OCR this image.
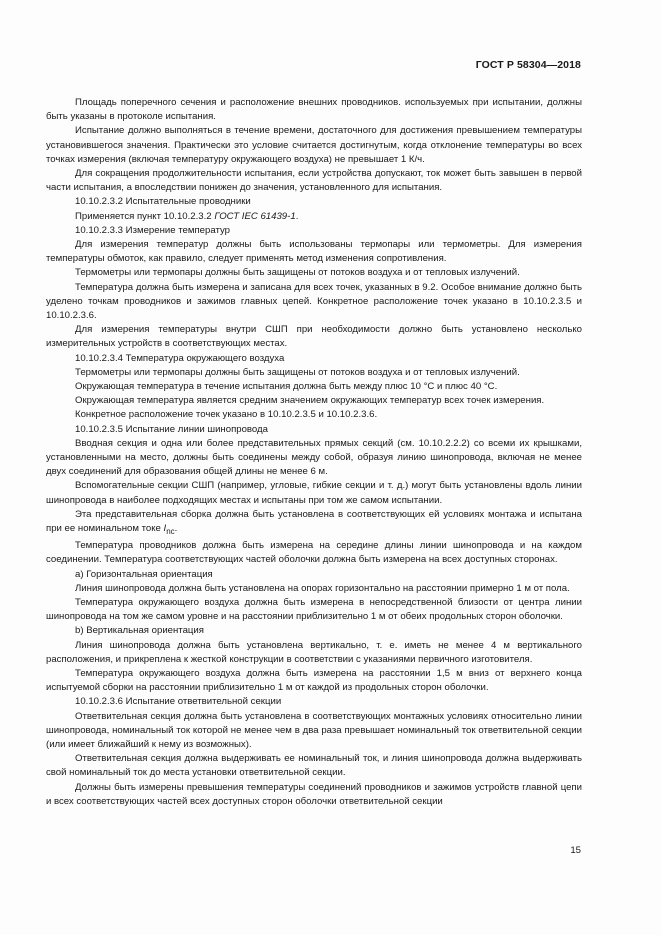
ГОСТ Р 58304—2018

Площадь поперечного сечения и расположение внешних проводников. используемых при испытании, должны быть указаны в протоколе испытания.

Испытание должно выполняться в течение времени, достаточного для достижения превышением температуры установившегося значения. Практически это условие считается достигнутым, когда отклонение температуры во всех точках измерения (включая температуру окружающего воздуха) не превышает 1 К/ч.

Для сокращения продолжительности испытания, если устройства допускают, ток может быть завышен в первой части испытания, а впоследствии понижен до значения, установленного для испытания.

10.10.2.3.2 Испытательные проводники

Применяется пункт 10.10.2.3.2 ГОСТ IEC 61439-1.

10.10.2.3.3 Измерение температур

Для измерения температур должны быть использованы термопары или термометры. Для измерения температуры обмоток, как правило, следует применять метод изменения сопротивления.

Термометры или термопары должны быть защищены от потоков воздуха и от тепловых излучений.

Температура должна быть измерена и записана для всех точек, указанных в 9.2. Особое внимание должно быть уделено точкам проводников и зажимов главных цепей. Конкретное расположение точек указано в 10.10.2.3.5 и 10.10.2.3.6.

Для измерения температуры внутри СШП при необходимости должно быть установлено несколько измерительных устройств в соответствующих местах.

10.10.2.3.4 Температура окружающего воздуха

Термометры или термопары должны быть защищены от потоков воздуха и от тепловых излучений.

Окружающая температура в течение испытания должна быть между плюс 10 °С и плюс 40 °С.

Окружающая температура является средним значением окружающих температур всех точек измерения.

Конкретное расположение точек указано в 10.10.2.3.5 и 10.10.2.3.6.

10.10.2.3.5 Испытание линии шинопровода

Вводная секция и одна или более представительных прямых секций (см. 10.10.2.2.2) со всеми их крышками, установленными на место, должны быть соединены между собой, образуя линию шинопровода, включая не менее двух соединений для образования общей длины не менее 6 м.

Вспомогательные секции СШП (например, угловые, гибкие секции и т. д.) могут быть установлены вдоль линии шинопровода в наиболее подходящих местах и испытаны при том же самом испытании.

Эта представительная сборка должна быть установлена в соответствующих ей условиях монтажа и испытана при ее номинальном токе $I_{nc}$.

Температура проводников должна быть измерена на середине длины линии шинопровода и на каждом соединении. Температура соответствующих частей оболочки должна быть измерена на всех доступных сторонах.

a) Горизонтальная ориентация

Линия шинопровода должна быть установлена на опорах горизонтально на расстоянии примерно 1 м от пола.

Температура окружающего воздуха должна быть измерена в непосредственной близости от центра линии шинопровода на том же самом уровне и на расстоянии приблизительно 1 м от обеих продольных сторон оболочки.

b) Вертикальная ориентация

Линия шинопровода должна быть установлена вертикально, т. е. иметь не менее 4 м вертикального расположения, и прикреплена к жесткой конструкции в соответствии с указаниями первичного изготовителя.

Температура окружающего воздуха должна быть измерена на расстоянии 1,5 м вниз от верхнего конца испытуемой сборки на расстоянии приблизительно 1 м от каждой из продольных сторон оболочки.

10.10.2.3.6 Испытание ответвительной секции

Ответвительная секция должна быть установлена в соответствующих монтажных условиях относительно линии шинопровода, номинальный ток которой не менее чем в два раза превышает номинальный ток ответвительной секции (или имеет ближайший к нему из возможных).

Ответвительная секция должна выдерживать ее номинальный ток, и линия шинопровода должна выдерживать свой номинальный ток до места установки ответвительной секции.

Должны быть измерены превышения температуры соединений проводников и зажимов устройств главной цепи и всех соответствующих частей всех доступных сторон оболочки ответвительной секции

15
